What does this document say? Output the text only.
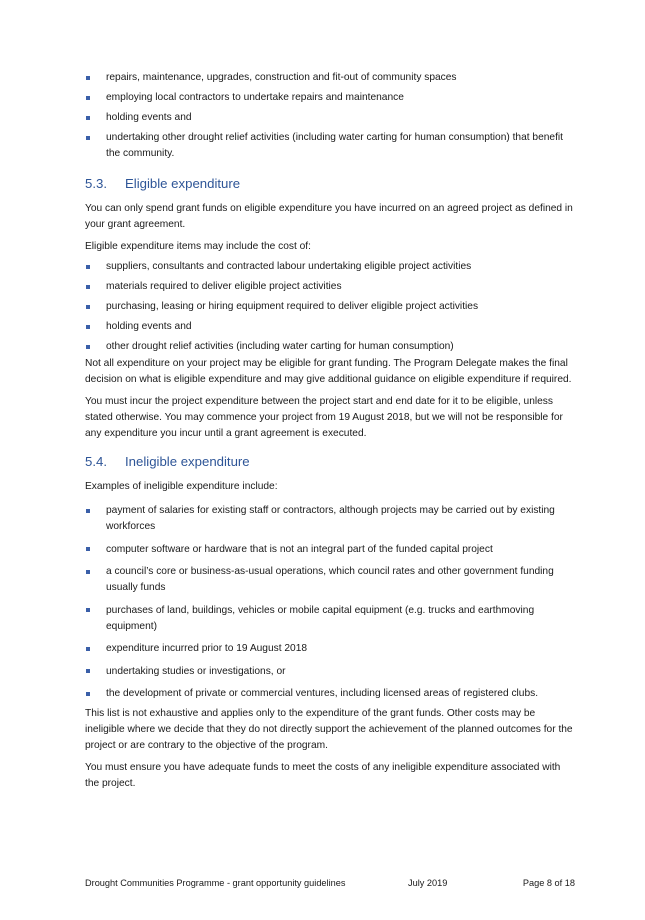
repairs, maintenance, upgrades, construction and fit-out of community spaces
employing local contractors to undertake repairs and maintenance
holding events and
undertaking other drought relief activities (including water carting for human consumption) that benefit the community.
5.3. Eligible expenditure

You can only spend grant funds on eligible expenditure you have incurred on an agreed project as defined in your grant agreement.

Eligible expenditure items may include the cost of:

suppliers, consultants and contracted labour undertaking eligible project activities
materials required to deliver eligible project activities
purchasing, leasing or hiring equipment required to deliver eligible project activities
holding events and
other drought relief activities (including water carting for human consumption)

Not all expenditure on your project may be eligible for grant funding. The Program Delegate makes the final decision on what is eligible expenditure and may give additional guidance on eligible expenditure if required.

You must incur the project expenditure between the project start and end date for it to be eligible, unless stated otherwise. You may commence your project from 19 August 2018, but we will not be responsible for any expenditure you incur until a grant agreement is executed.

5.4. Ineligible expenditure

Examples of ineligible expenditure include:

payment of salaries for existing staff or contractors, although projects may be carried out by existing workforces
computer software or hardware that is not an integral part of the funded capital project
a council’s core or business-as-usual operations, which council rates and other government funding usually funds
purchases of land, buildings, vehicles or mobile capital equipment (e.g. trucks and earthmoving equipment)
expenditure incurred prior to 19 August 2018
undertaking studies or investigations, or
the development of private or commercial ventures, including licensed areas of registered clubs.

This list is not exhaustive and applies only to the expenditure of the grant funds. Other costs may be ineligible where we decide that they do not directly support the achievement of the planned outcomes for the project or are contrary to the objective of the program.

You must ensure you have adequate funds to meet the costs of any ineligible expenditure associated with the project.

Drought Communities Programme - grant opportunity guidelines	July 2019	Page 8 of 18
